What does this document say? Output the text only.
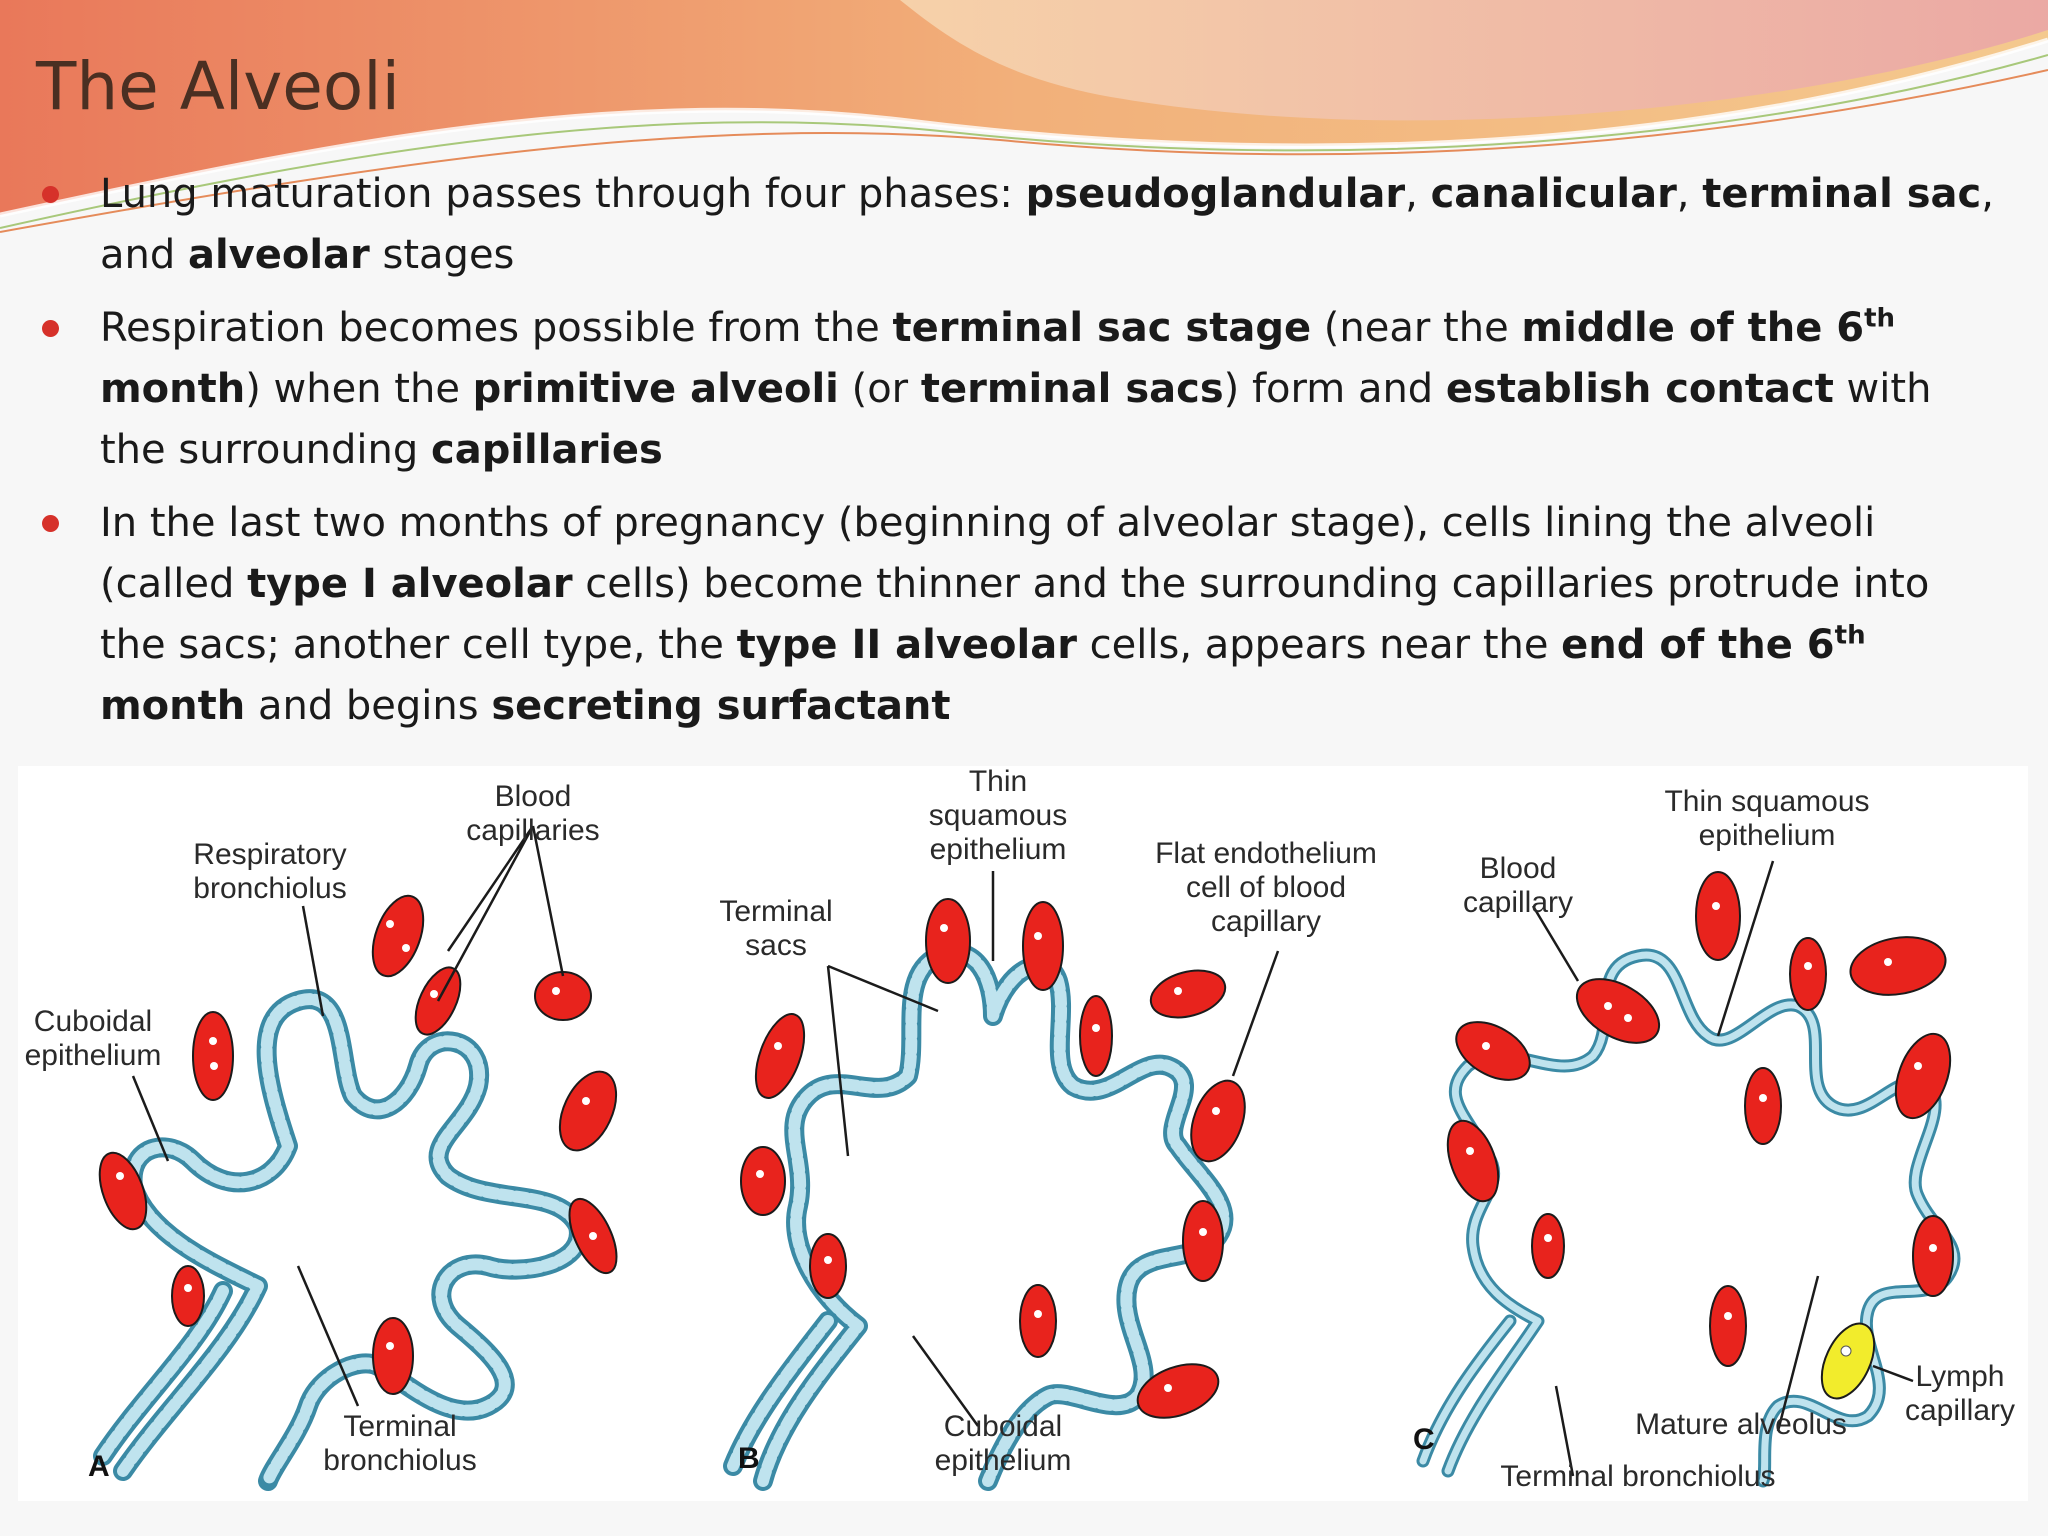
The Alveoli
Lung maturation passes through four phases: pseudoglandular, canalicular, terminal sac, and alveolar stages
Respiration becomes possible from the terminal sac stage (near the middle of the 6th month) when the primitive alveoli (or terminal sacs) form and establish contact with the surrounding capillaries
In the last two months of pregnancy (beginning of alveolar stage), cells lining the alveoli (called type I alveolar cells) become thinner and the surrounding capillaries protrude into the sacs; another cell type, the type II alveolar cells, appears near the end of the 6th month and begins secreting surfactant
Blood capillaries
Respiratory bronchiolus
Cuboidal epithelium
Terminal bronchiolus
A
Thin squamous epithelium
Terminal sacs
Flat endothelium cell of blood capillary
Cuboidal epithelium
B
Thin squamous epithelium
Blood capillary
Lymph capillary
Mature alveolus
Terminal bronchiolus
C
